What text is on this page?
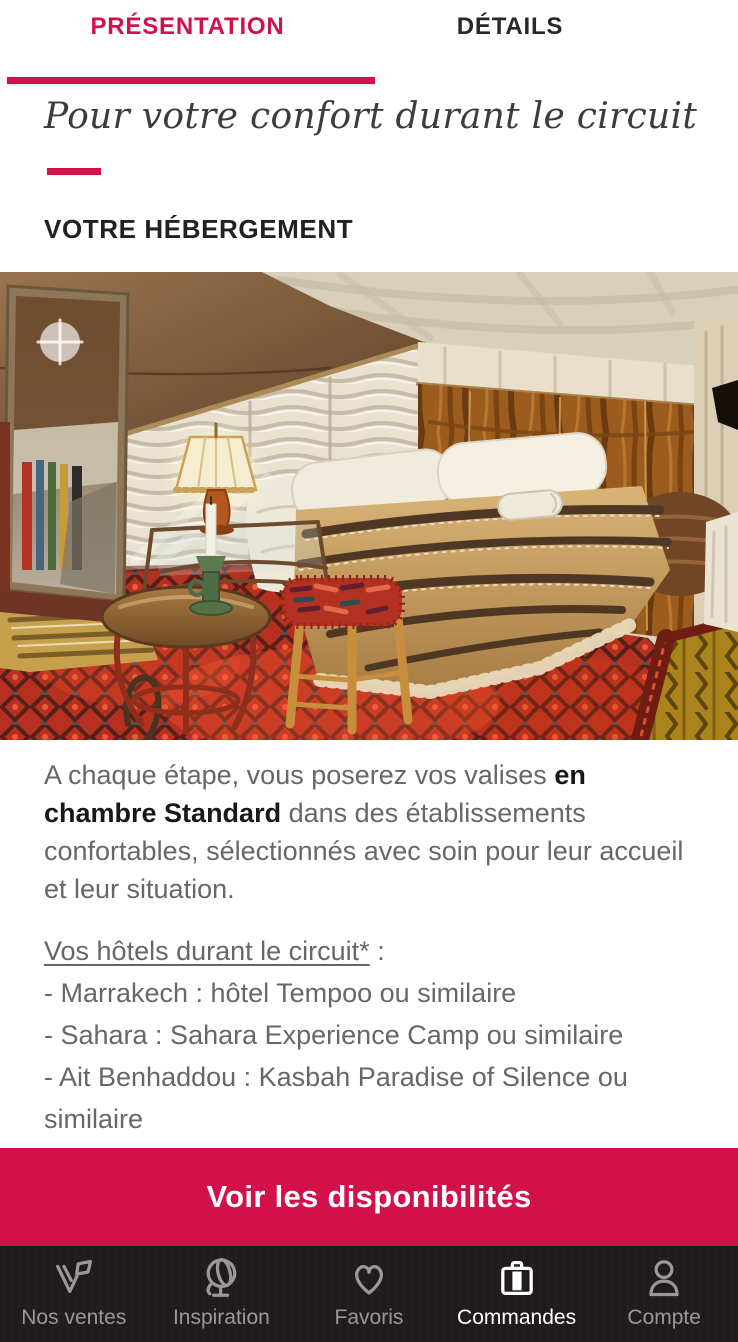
PRÉSENTATION	DÉTAILS
Pour votre confort durant le circuit
VOTRE HÉBERGEMENT
A chaque étape, vous poserez vos valises en
chambre Standard dans des établissements
confortables, sélectionnés avec soin pour leur accueil
et leur situation.
Vos hôtels durant le circuit* :
- Marrakech : hôtel Tempoo ou similaire
- Sahara : Sahara Experience Camp ou similaire
- Ait Benhaddou : Kasbah Paradise of Silence ou similaire
Voir les disponibilités
Nos ventes Inspiration	Favoris	Commandes Compte
